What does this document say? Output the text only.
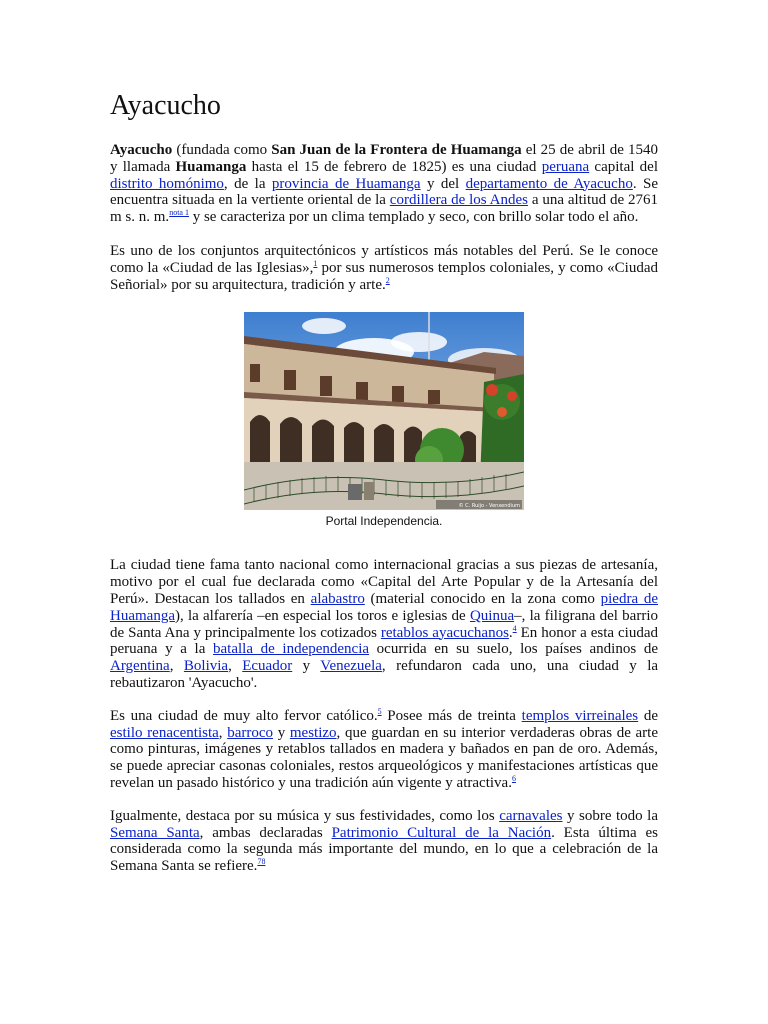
Ayacucho

Ayacucho (fundada como San Juan de la Frontera de Huamanga el 25 de abril de 1540 y llamada Huamanga hasta el 15 de febrero de 1825) es una ciudad peruana capital del distrito homónimo, de la provincia de Huamanga y del departamento de Ayacucho. Se encuentra situada en la vertiente oriental de la cordillera de los Andes a una altitud de 2761 m s. n. m.$^{nota 1}$ y se caracteriza por un clima templado y seco, con brillo solar todo el año.

Es uno de los conjuntos arquitectónicos y artísticos más notables del Perú. Se le conoce como la «Ciudad de las Iglesias»,$^1$ por sus numerosos templos coloniales, y como «Ciudad Señorial» por su arquitectura, tradición y arte.$^2$

© C. Ruijo - Venxendium
Portal Independencia.

La ciudad tiene fama tanto nacional como internacional gracias a sus piezas de artesanía, motivo por el cual fue declarada como «Capital del Arte Popular y de la Artesanía del Perú». Destacan los tallados en alabastro (material conocido en la zona como piedra de Huamanga), la alfarería –en especial los toros e iglesias de Quinua–, la filigrana del barrio de Santa Ana y principalmente los cotizados retablos ayacuchanos.$^4$ En honor a esta ciudad peruana y a la batalla de independencia ocurrida en su suelo, los países andinos de Argentina, Bolivia, Ecuador y Venezuela, refundaron cada uno, una ciudad y la rebautizaron 'Ayacucho'.

Es una ciudad de muy alto fervor católico.$^5$ Posee más de treinta templos virreinales de estilo renacentista, barroco y mestizo, que guardan en su interior verdaderas obras de arte como pinturas, imágenes y retablos tallados en madera y bañados en pan de oro. Además, se puede apreciar casonas coloniales, restos arqueológicos y manifestaciones artísticas que revelan un pasado histórico y una tradición aún vigente y atractiva.$^6$

Igualmente, destaca por su música y sus festividades, como los carnavales y sobre todo la Semana Santa, ambas declaradas Patrimonio Cultural de la Nación. Esta última es considerada como la segunda más importante del mundo, en lo que a celebración de la Semana Santa se refiere.$^{78}$
